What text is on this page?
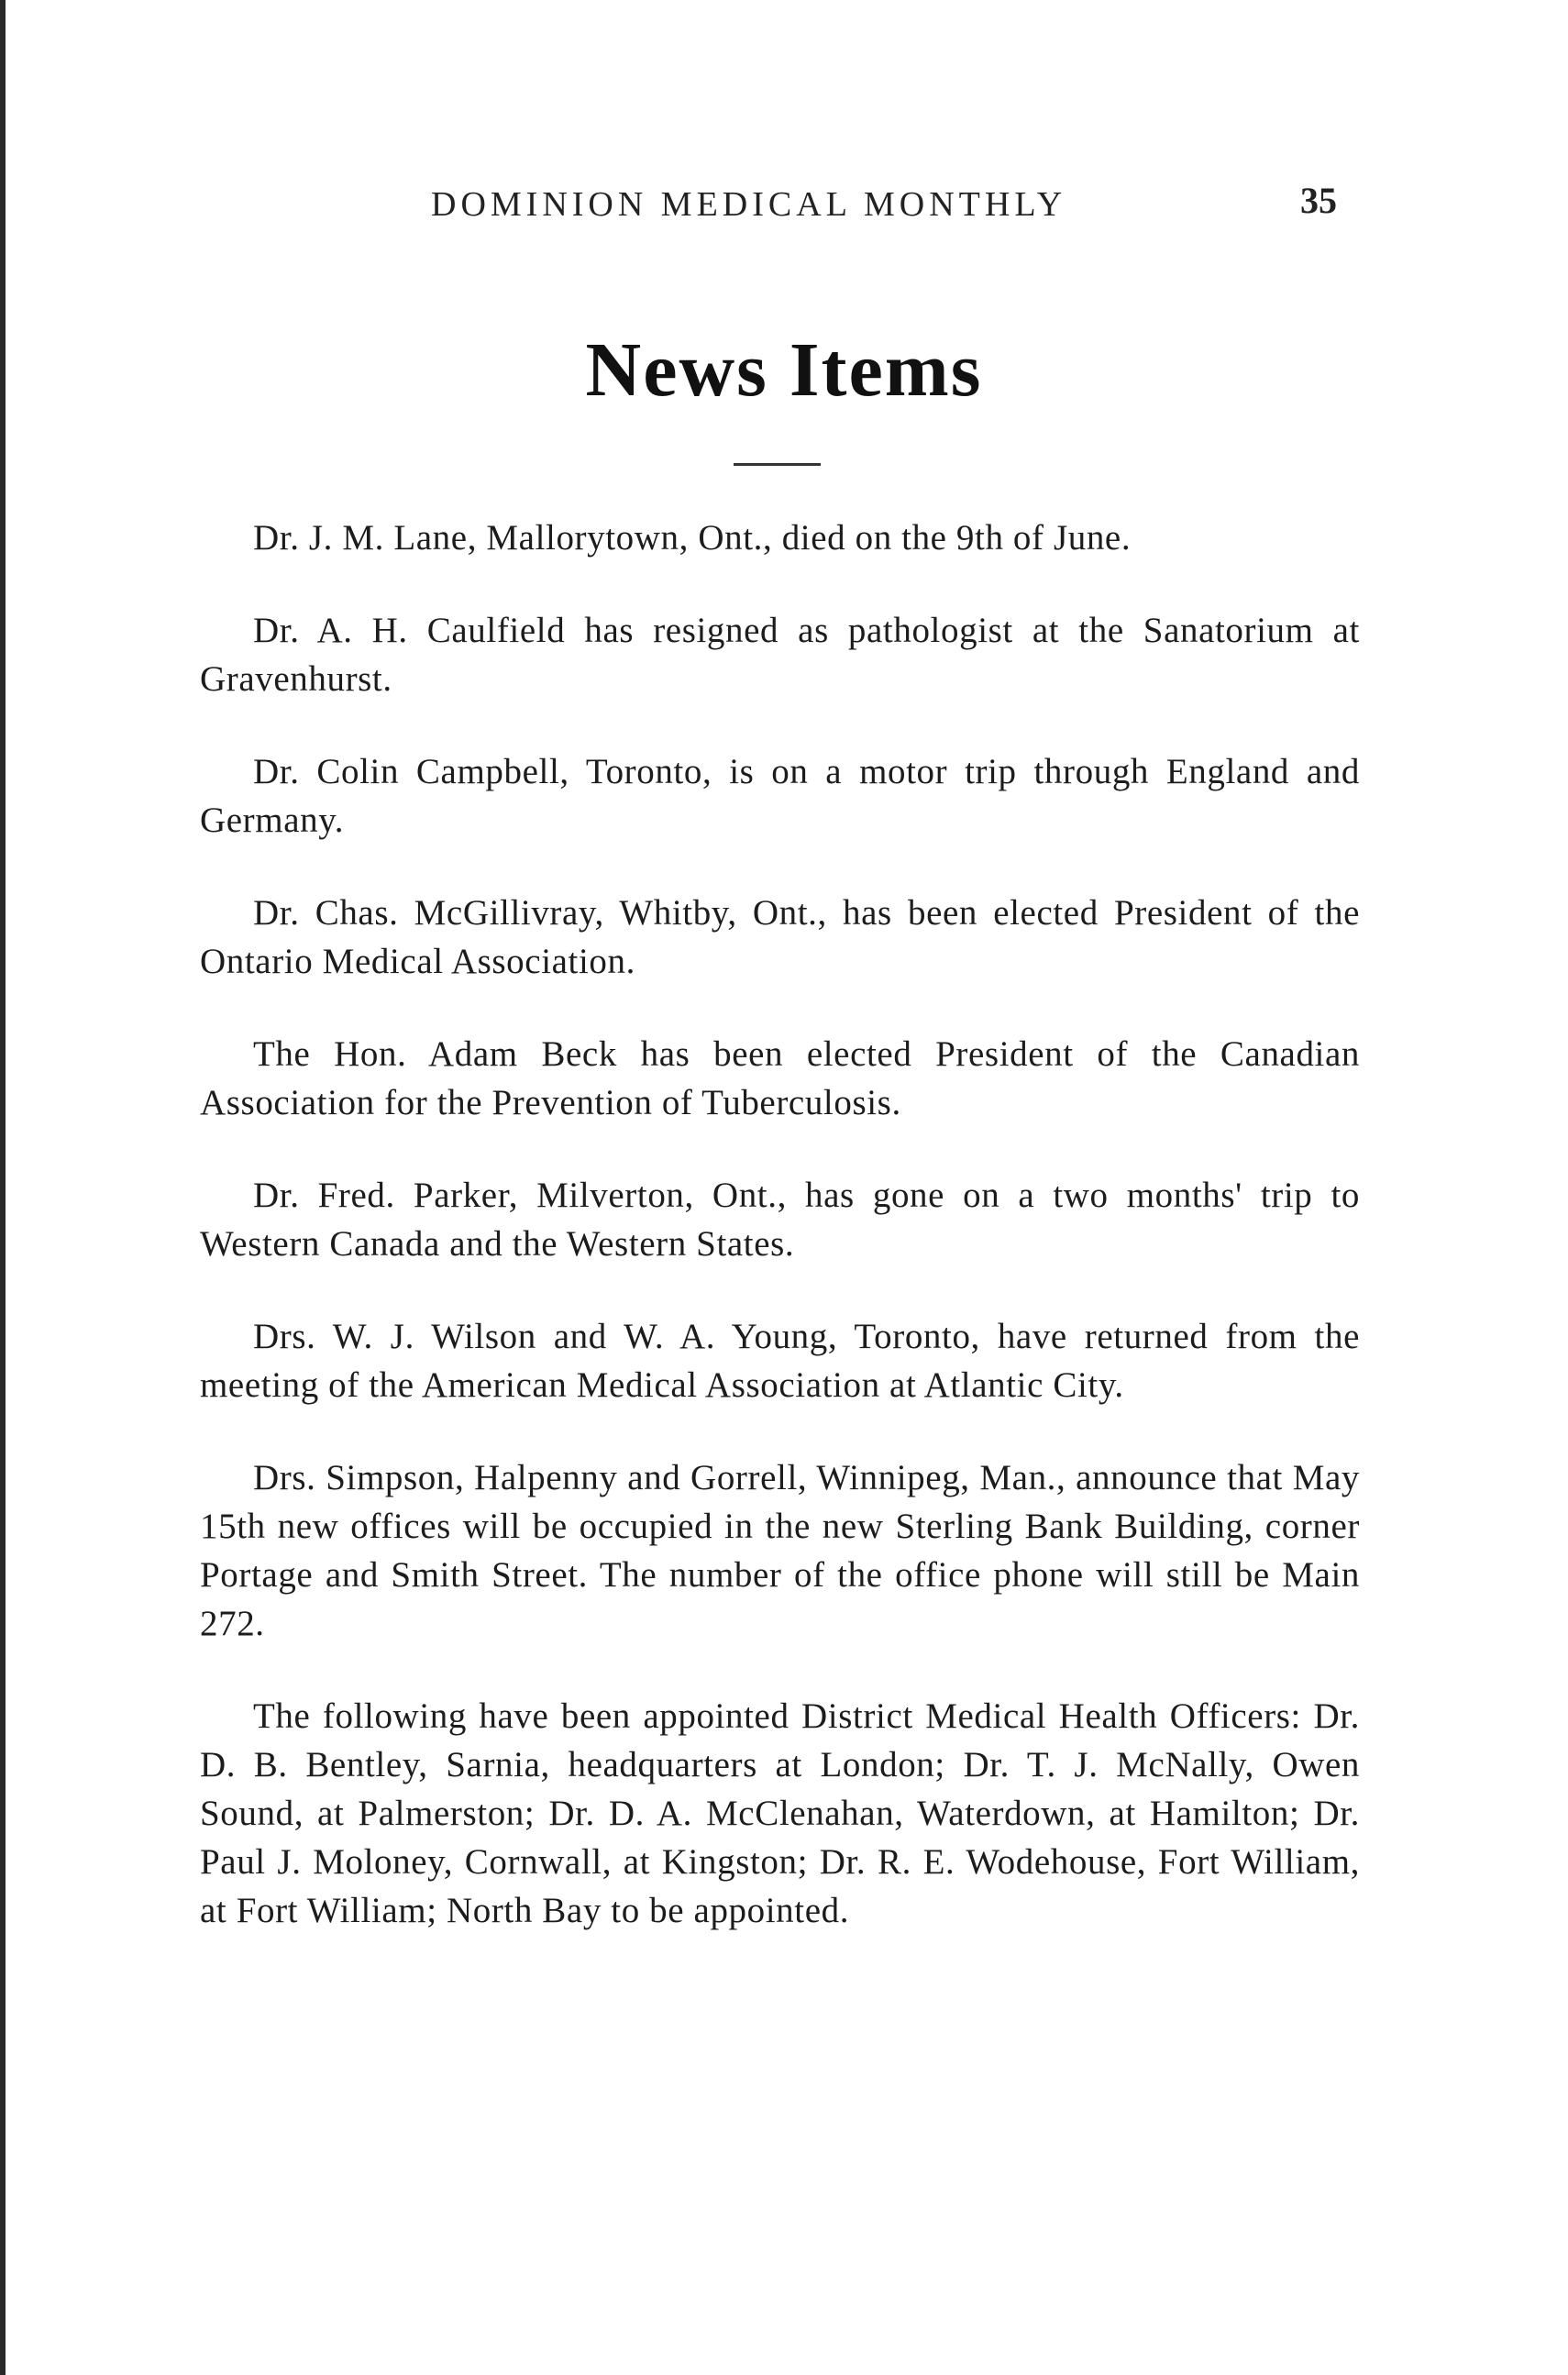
DOMINION MEDICAL MONTHLY	35
News Items

Dr. J. M. Lane, Mallorytown, Ont., died on the 9th of June.

Dr. A. H. Caulfield has resigned as pathologist at the Sanatorium at Gravenhurst.

Dr. Colin Campbell, Toronto, is on a motor trip through England and Germany.

Dr. Chas. McGillivray, Whitby, Ont., has been elected President of the Ontario Medical Association.

The Hon. Adam Beck has been elected President of the Canadian Association for the Prevention of Tuberculosis.

Dr. Fred. Parker, Milverton, Ont., has gone on a two months' trip to Western Canada and the Western States.

Drs. W. J. Wilson and W. A. Young, Toronto, have returned from the meeting of the American Medical Association at Atlantic City.

Drs. Simpson, Halpenny and Gorrell, Winnipeg, Man., announce that May 15th new offices will be occupied in the new Sterling Bank Building, corner Portage and Smith Street. The number of the office phone will still be Main 272.

The following have been appointed District Medical Health Officers: Dr. D. B. Bentley, Sarnia, headquarters at London; Dr. T. J. McNally, Owen Sound, at Palmerston; Dr. D. A. McClenahan, Waterdown, at Hamilton; Dr. Paul J. Moloney, Cornwall, at Kingston; Dr. R. E. Wodehouse, Fort William, at Fort William; North Bay to be appointed.
